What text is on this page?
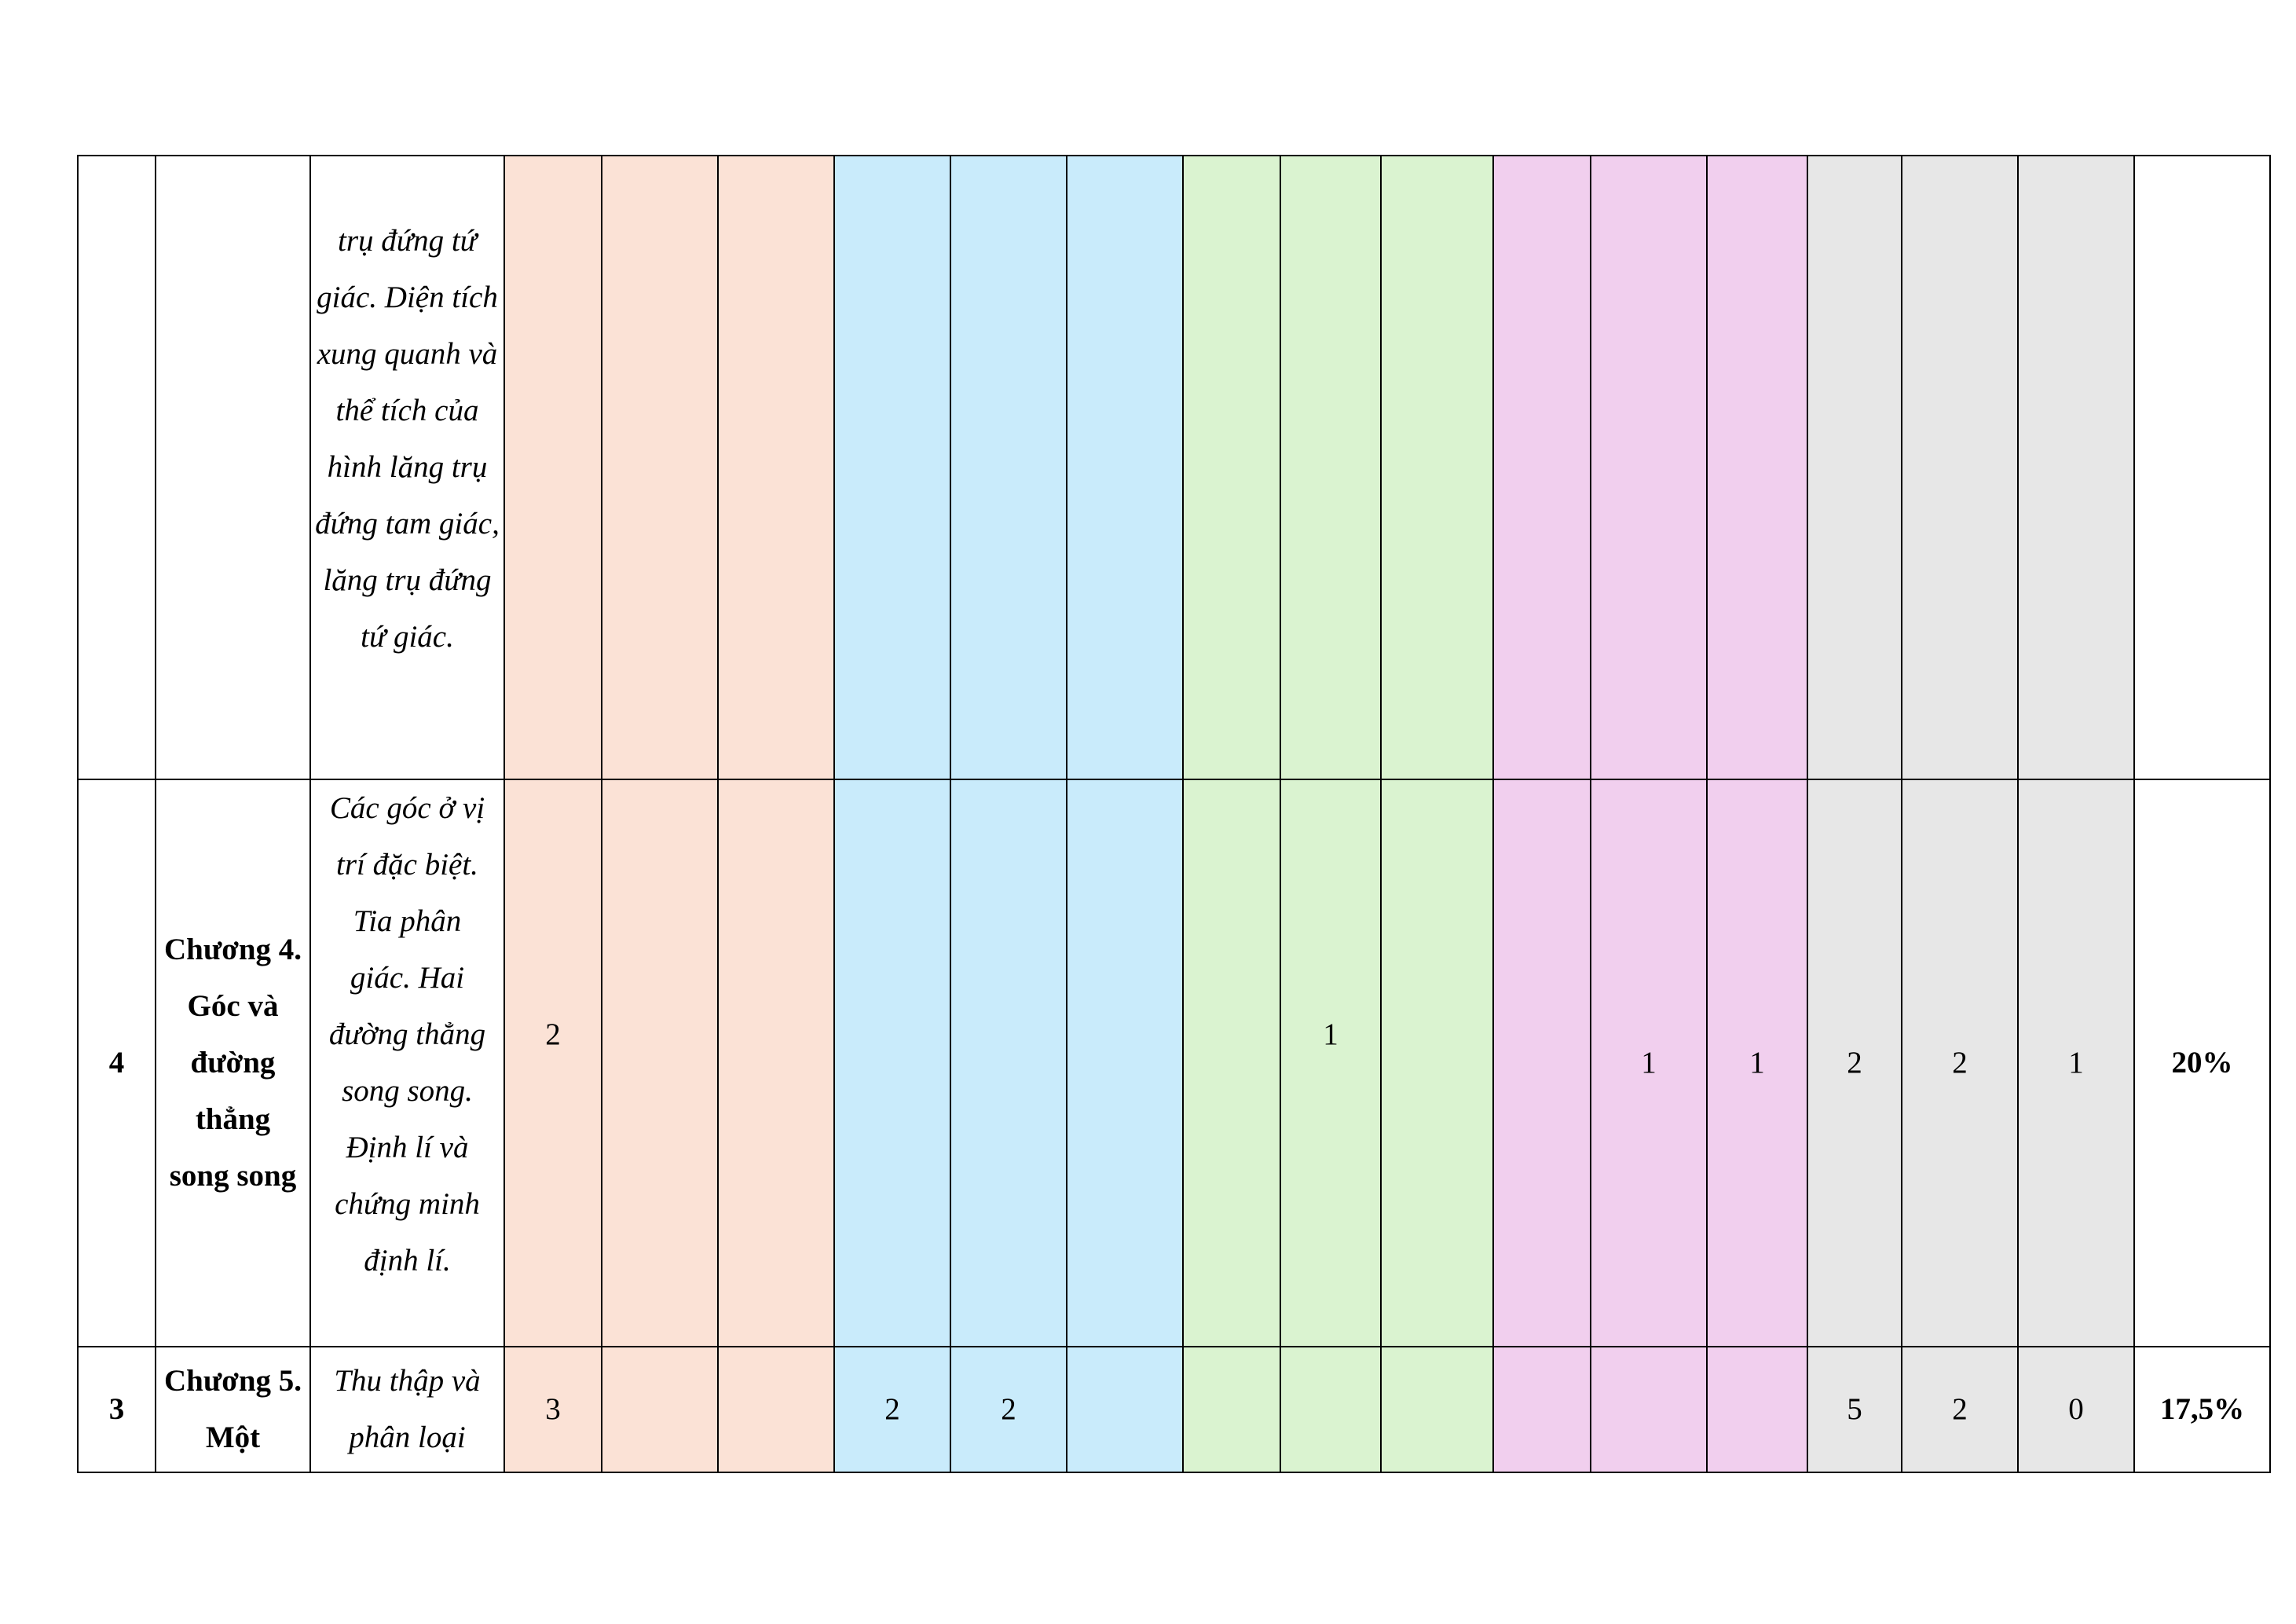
		trụ đứng tứ giác. Diện tích xung quanh và thể tích của hình lăng trụ đứng tam giác, lăng trụ đứng tứ giác.																

4	Chương 4. Góc và đường thẳng song song	Các góc ở vị trí đặc biệt. Tia phân giác. Hai đường thẳng song song. Định lí và chứng minh định lí.	2							1			1	1	2	2	1	20%
3	Chương 5. Một	Thu thập và phân loại	3			2	2								5	2	0	17,5%
